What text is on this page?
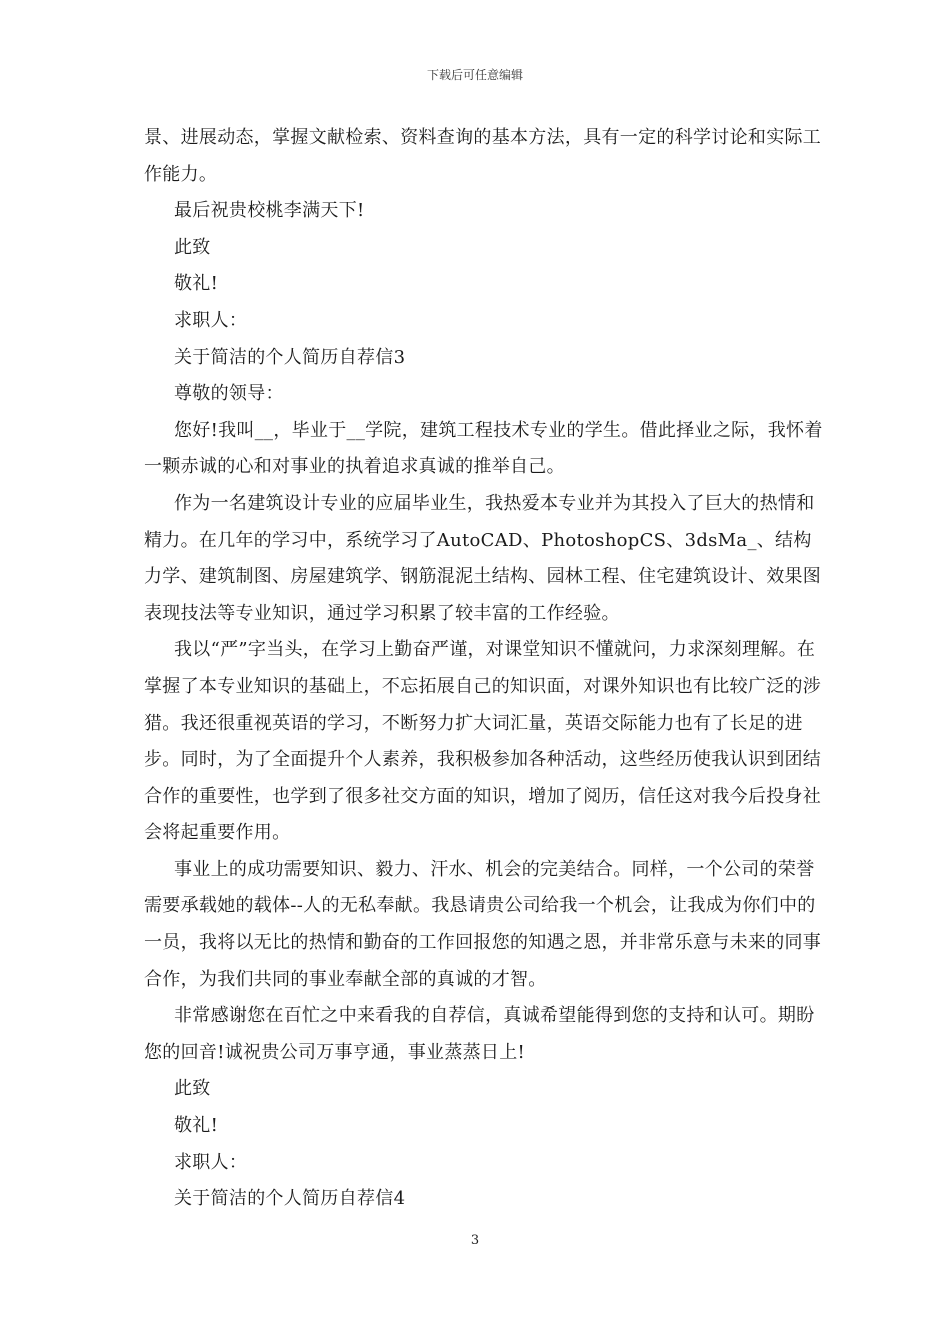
下载后可任意编辑

景、进展动态，掌握文献检索、资料查询的基本方法，具有一定的科学讨论和实际工作能力。

最后祝贵校桃李满天下!

此致

敬礼!

求职人：

关于简洁的个人简历自荐信3

尊敬的领导：

您好!我叫__，毕业于__学院，建筑工程技术专业的学生。借此择业之际，我怀着一颗赤诚的心和对事业的执着追求真诚的推举自己。

作为一名建筑设计专业的应届毕业生，我热爱本专业并为其投入了巨大的热情和精力。在几年的学习中，系统学习了AutoCAD、PhotoshopCS、3dsMa_、结构力学、建筑制图、房屋建筑学、钢筋混泥土结构、园林工程、住宅建筑设计、效果图表现技法等专业知识，通过学习积累了较丰富的工作经验。

我以“严”字当头，在学习上勤奋严谨，对课堂知识不懂就问，力求深刻理解。在掌握了本专业知识的基础上，不忘拓展自己的知识面，对课外知识也有比较广泛的涉猎。我还很重视英语的学习，不断努力扩大词汇量，英语交际能力也有了长足的进步。同时，为了全面提升个人素养，我积极参加各种活动，这些经历使我认识到团结合作的重要性，也学到了很多社交方面的知识，增加了阅历，信任这对我今后投身社会将起重要作用。

事业上的成功需要知识、毅力、汗水、机会的完美结合。同样，一个公司的荣誉需要承载她的载体--人的无私奉献。我恳请贵公司给我一个机会，让我成为你们中的一员，我将以无比的热情和勤奋的工作回报您的知遇之恩，并非常乐意与未来的同事合作，为我们共同的事业奉献全部的真诚的才智。

非常感谢您在百忙之中来看我的自荐信，真诚希望能得到您的支持和认可。期盼您的回音!诚祝贵公司万事亨通，事业蒸蒸日上!

此致

敬礼!

求职人：

关于简洁的个人简历自荐信4

3
